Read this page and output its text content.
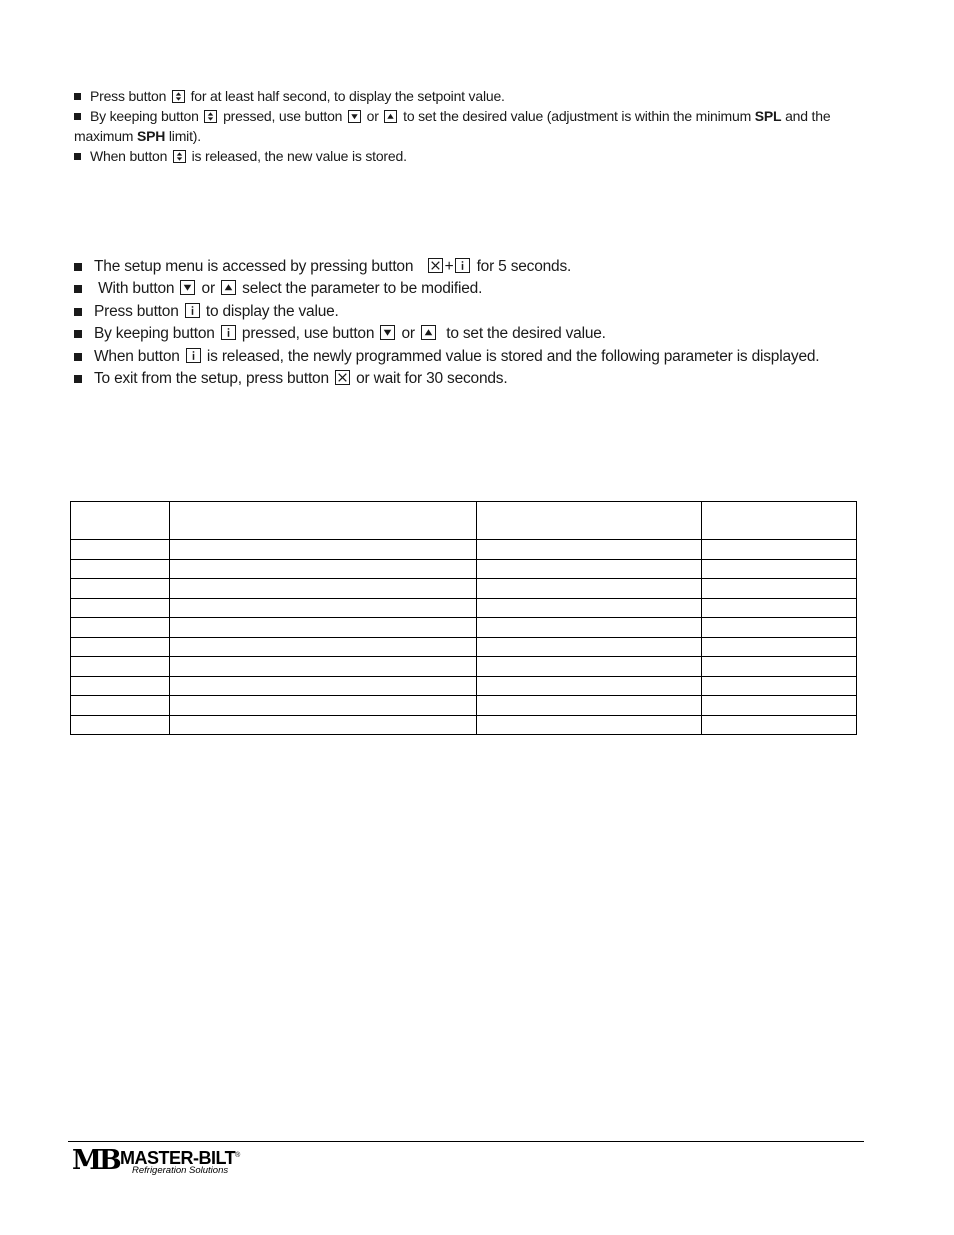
Press button for at least half second, to display the setpoint value.
By keeping button pressed, use button or to set the desired value (adjustment is within the minimum SPL and the
maximum SPH limit).
When button is released, the new value is stored.
The setup menu is accessed by pressing button + for 5 seconds.
With button or select the parameter to be modified.
Press button to display the value.
By keeping button pressed, use button or to set the desired value.
When button is released, the newly programmed value is stored and the following parameter is displayed.
To exit from the setup, press button or wait for 30 seconds.

MB MASTER-BILT®
Refrigeration Solutions
